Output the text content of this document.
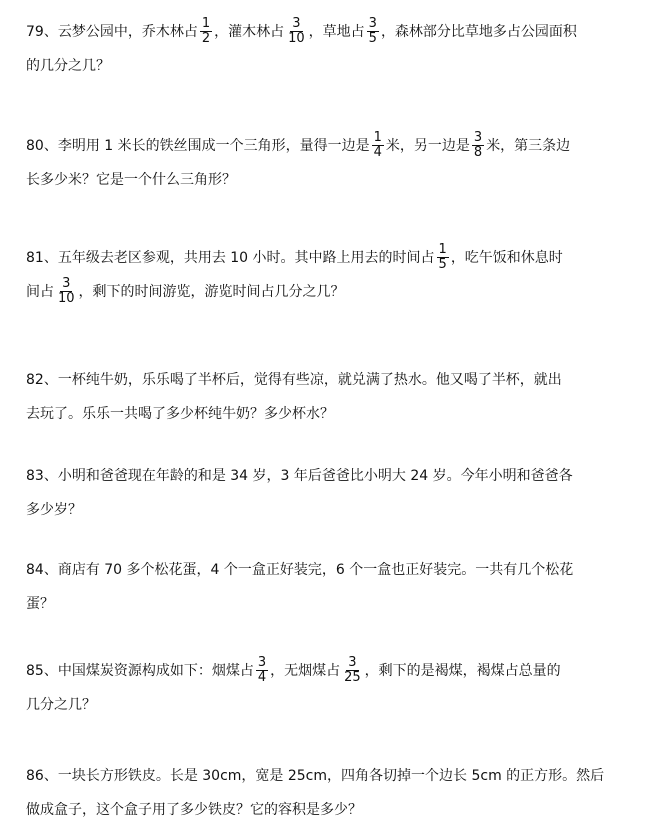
79、云梦公园中，乔木林占 $\frac{1}{2}$ ，灌木林占 $\frac{3}{10}$ ，草地占 $\frac{3}{5}$ ，森林部分比草地多占公园面积
的几分之几？
80、李明用 1 米长的铁丝围成一个三角形，量得一边是 $\frac{1}{4}$ 米，另一边是 $\frac{3}{8}$ 米，第三条边
长多少米？它是一个什么三角形？
81、五年级去老区参观，共用去 10 小时。其中路上用去的时间占 $\frac{1}{5}$ ，吃午饭和休息时
间占 $\frac{3}{10}$ ，剩下的时间游览，游览时间占几分之几？
82、一杯纯牛奶，乐乐喝了半杯后，觉得有些凉，就兑满了热水。他又喝了半杯，就出
去玩了。乐乐一共喝了多少杯纯牛奶？多少杯水？
83、小明和爸爸现在年龄的和是 34 岁，3 年后爸爸比小明大 24 岁。今年小明和爸爸各
多少岁？
84、商店有 70 多个松花蛋，4 个一盒正好装完，6 个一盒也正好装完。一共有几个松花
蛋？
85、中国煤炭资源构成如下：烟煤占 $\frac{3}{4}$ ，无烟煤占 $\frac{3}{25}$ ，剩下的是褐煤，褐煤占总量的
几分之几？
86、一块长方形铁皮。长是 30cm，宽是 25cm，四角各切掉一个边长 5cm 的正方形。然后
做成盒子，这个盒子用了多少铁皮？它的容积是多少？
